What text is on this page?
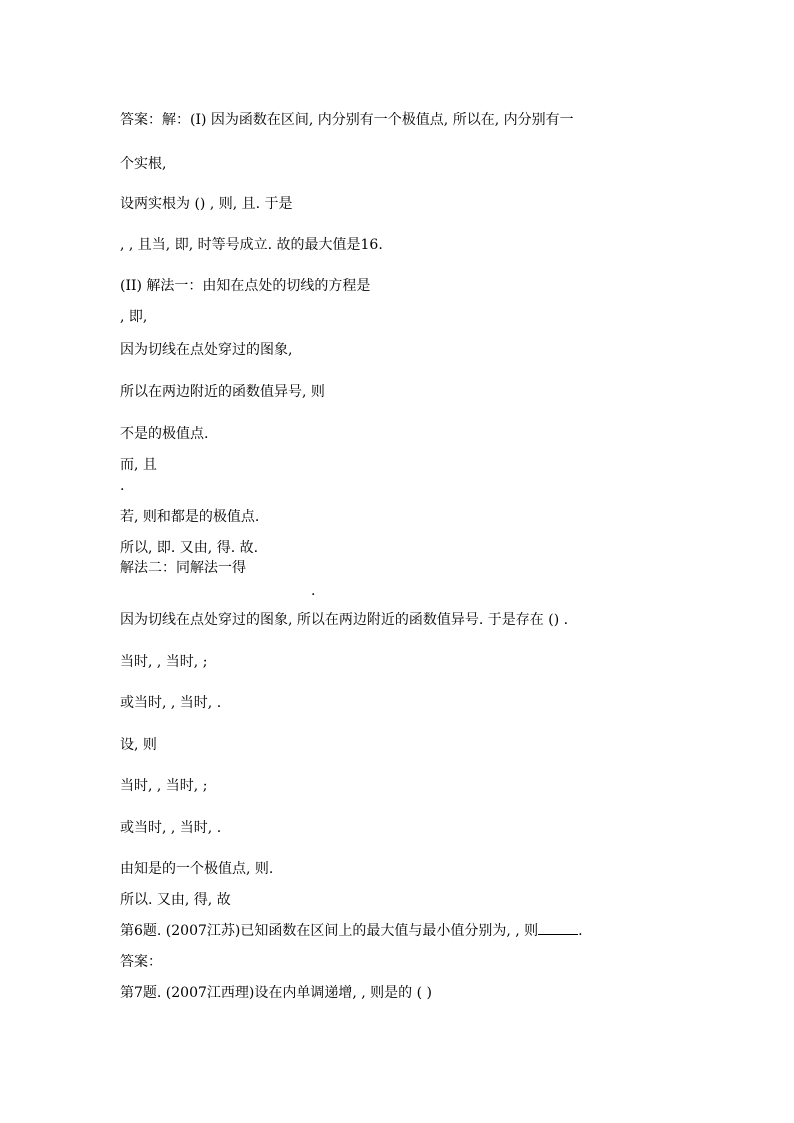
答案：解：(I) 因为函数在区间, 内分别有一个极值点, 所以在, 内分别有一

个实根,

设两实根为 () , 则, 且. 于是

, , 且当, 即, 时等号成立. 故的最大值是16.

(II) 解法一：由知在点处的切线的方程是

, 即,

因为切线在点处穿过的图象,

所以在两边附近的函数值异号, 则

不是的极值点.

而, 且

.

若, 则和都是的极值点.

所以, 即. 又由, 得. 故.

解法二：同解法一得

.

因为切线在点处穿过的图象, 所以在两边附近的函数值异号. 于是存在 () .

当时, , 当时, ;

或当时, , 当时, .

设, 则

当时, , 当时, ;

或当时, , 当时, .

由知是的一个极值点, 则.

所以. 又由, 得, 故

第6题. (2007江苏)已知函数在区间上的最大值与最小值分别为, , 则	.

答案：

第7题. (2007江西理)设在内单调递增, , 则是的 ( )
